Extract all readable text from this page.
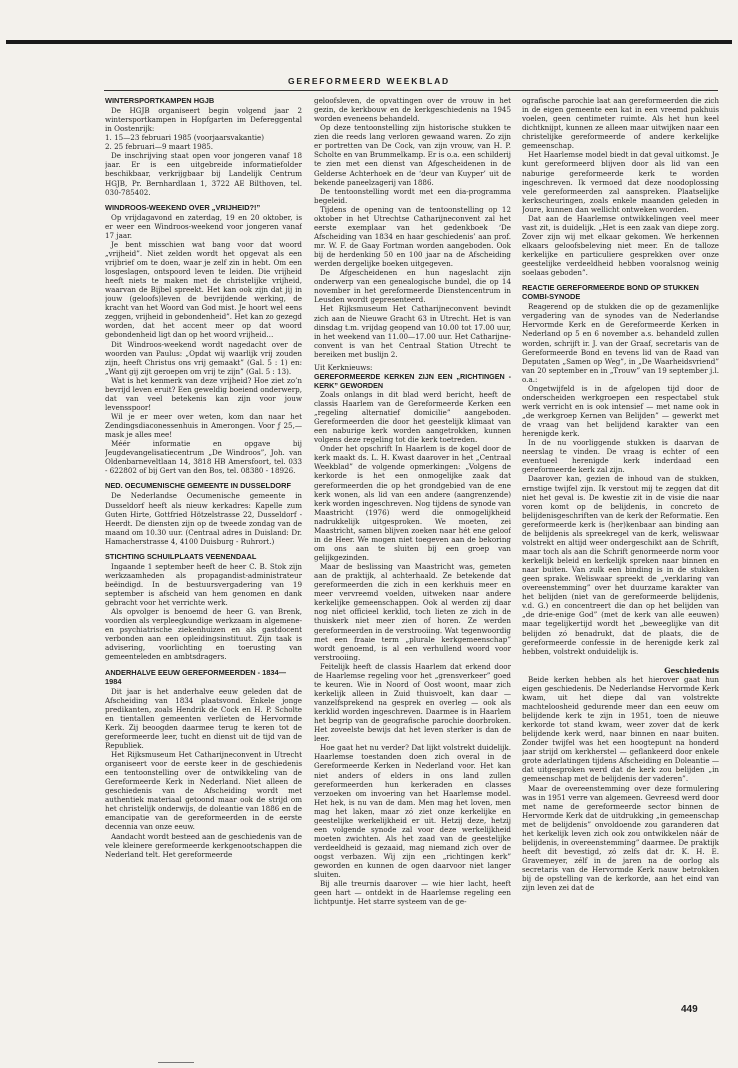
GEREFORMEERD WEEKBLAD
WINTERSPORTKAMPEN HGJB

De HGJB organiseert begin volgend jaar 2 wintersportkampen in Hopfgarten im Defereggental in Oostenrijk:

1. 15—23 februari 1985 (voorjaarsvakantie)
2. 25 februari—9 maart 1985.

De inschrijving staat open voor jongeren vanaf 18 jaar. Er is een uitgebreide informatiefolder beschikbaar, verkrijgbaar bij Landelijk Centrum HGJB, Pr. Bernhardlaan 1, 3722 AE Bilthoven, tel. 030-785402.

WINDROOS-WEEKEND OVER „VRIJHEID?!”

Op vrijdagavond en zaterdag, 19 en 20 oktober, is er weer een Windroos-weekend voor jongeren vanaf 17 jaar.

Je bent misschien wat bang voor dat woord „vrijheid”. Niet zelden wordt het opgevat als een vrijbrief om te doen, waar je zelf zin in hebt. Om een losgeslagen, ontspoord leven te leiden. Die vrijheid heeft niets te maken met de christelijke vrijheid, waarvan de Bijbel spreekt. Het kan ook zijn dat jij in jouw (geloofs)leven de bevrijdende werking, de kracht van het Woord van God mist. Je hoort wel eens zeggen, vrijheid in gebondenheid”. Het kan zo gezegd worden, dat het accent meer op dat woord gebondenheid ligt dan op het woord vrijheid…

Dit Windroos-weekend wordt nagedacht over de woorden van Paulus: „Opdat wij waarlijk vrij zouden zijn, heeft Christus ons vrij gemaakt” (Gal. 5 : 1) en: „Want gij zijt geroepen om vrij te zijn” (Gal. 5 : 13).

Wat is het kenmerk van deze vrijheid? Hoe ziet zo’n bevrijd leven eruit? Een geweldig boeiend onderwerp, dat van veel betekenis kan zijn voor jouw levensspoor!

Wil je er meer over weten, kom dan naar het Zendingsdiaconessenhuis in Amerongen. Voor ƒ 25,— mask je alles mee!

Méér informatie en opgave bij Jeugdevangelisatiecentrum „De Windroos”, Joh. van Oldenbarneveltlaan 14, 3818 HB Amersfoort, tel. 033 - 622802 of bij Gert van den Bos, tel. 08380 - 18926.

NED. OECUMENISCHE GEMEENTE IN DUSSELDORF

De Nederlandse Oecumenische gemeente in Dusseldorf heeft als nieuw kerkadres: Kapelle zum Guten Hirte, Gottfried Hötzelstrasse 22, Dusseldorf - Heerdt. De diensten zijn op de tweede zondag van de maand om 10.30 uur. (Centraal adres in Duisland: Dr. Hamacherstrasse 4, 4100 Duisburg - Ruhrort.)

STICHTING SCHUILPLAATS VEENENDAAL

Ingaande 1 september heeft de heer C. B. Stok zijn werkzaamheden als propagandist-administrateur beëindigd. In de bestuursvergadering van 19 september is afscheid van hem genomen en dank gebracht voor het verrichte werk.

Als opvolger is benoemd de heer G. van Brenk, voordien als verpleegkundige werkzaam in algemene- en psychiatrische ziekenhuizen en als gastdocent verbonden aan een opleidingsinstituut. Zijn taak is advisering, voorlichting en toerusting van gemeenteleden en ambtsdragers.

ANDERHALVE EEUW GEREFORMEERDEN - 1834—1984

Dit jaar is het anderhalve eeuw geleden dat de Afscheiding van 1834 plaatsvond. Enkele jonge predikanten, zoals Hendrik de Cock en H. P. Scholte en tientallen gemeenten verlieten de Hervormde Kerk. Zij beoogden daarmee terug te keren tot de gereformeerde leer, tucht en dienst uit de tijd van de Republiek.

Het Rijksmuseum Het Catharijneconvent in Utrecht organiseert voor de eerste keer in de geschiedenis een tentoonstelling over de ontwikkeling van de Gereformeerde Kerk in Nederland. Niet alleen de geschiedenis van de Afscheiding wordt met authentiek materiaal getoond maar ook de strijd om het christelijk onderwijs, de doleantie van 1886 en de emancipatie van de gereformeerden in de eerste decennia van onze eeuw.

Aandacht wordt besteed aan de geschiedenis van de vele kleinere gereformeerde kerkgenootschappen die Nederland telt. Het gereformeerde

geloofsleven, de opvattingen over de vrouw in het gezin, de kerkbouw en de kerkgeschiedenis na 1945 worden eveneens behandeld.

Op deze tentoonstelling zijn historische stukken te zien die reeds lang verloren gewaand waren. Zo zijn er portretten van De Cock, van zijn vrouw, van H. P. Scholte en van Brummelkamp. Er is o.a. een schilderij te zien met een dienst van Afgescheidenen in de Gelderse Achterhoek en de ‘deur van Kuyper’ uit de bekende paneelzagerij van 1886.

De tentoonstelling wordt met een dia-programma begeleid.

Tijdens de opening van de tentoonstelling op 12 oktober in het Utrechtse Catharijneconvent zal het eerste exemplaar van het gedenkboek ‘De Afscheiding van 1834 en haar geschiedenis’ aan prof. mr. W. F. de Gaay Fortman worden aangeboden. Ook bij de herdenking 50 en 100 jaar na de Afscheiding werden dergelijke boeken uitgegeven.

De Afgescheidenen en hun nageslacht zijn onderwerp van een genealogische bundel, die op 14 november in het gereformeerde Dienstencentrum in Leusden wordt gepresenteerd.

Het Rijksmuseum Het Catharijneconvent bevindt zich aan de Nieuwe Gracht 63 in Utrecht. Het is van dinsdag t.m. vrijdag geopend van 10.00 tot 17.00 uur, in het weekend van 11.00—17.00 uur. Het Catharijne-convent is van het Centraal Station Utrecht te bereiken met buslijn 2.

Uit Kerknieuws:

GEREFORMEERDE KERKEN ZIJN EEN „RICHTINGEN - KERK” GEWORDEN

Zoals onlangs in dit blad werd bericht, heeft de classis Haarlem van de Gereformeerde Kerken een „regeling alternatief domicilie” aangeboden. Gereformeerden die door het geestelijk klimaat van een naburige kerk worden aangetrokken, kunnen volgens deze regeling tot die kerk toetreden.

Onder het opschrift In Haarlem is de kogel door de kerk maakt ds. L. H. Kwast daarover in het „Centraal Weekblad” de volgende opmerkingen: „Volgens de kerkorde is het een onmogelijke zaak dat gereformeerden die op het grondgebied van de ene kerk wonen, als lid van een andere (aangrenzende) kerk worden ingeschreven. Nog tijdens de synode van Maastricht (1976) werd die onmogelijkheid nadrukkelijk uitgesproken. We moeten, zei Maastricht, samen blijven zoeken naar hét ene geloof in de Heer. We mogen niet toegeven aan de bekoring om ons aan te sluiten bij een groep van gelijkgezinden.

Maar de beslissing van Maastricht was, gemeten aan de praktijk, al achterhaald. Ze betekende dat gereformeerden die zich in een kerkhuis meer en meer vervreemd voelden, uitweken naar andere kerkelijke gemeenschappen. Ook al werden zij daar nog niet officieel kerklid, toch lieten ze zich in de thuiskerk niet meer zien of horen. Ze werden gereformeerden in de verstrooiing. Wat tegenwoordig met een fraaie term „plurale kerkgemeenschap” wordt genoemd, is al een verhullend woord voor verstrooiing.

Feitelijk heeft de classis Haarlem dat erkend door de Haarlemse regeling voor het „grensverkeer” goed te keuren. Wie in Noord of Oost woont, maar zich kerkelijk alleen in Zuid thuisvoelt, kan daar — vanzelfsprekend na gesprek en overleg — ook als kerklid worden ingeschreven. Daarmee is in Haarlem het begrip van de geografische parochie doorbroken. Het zoveelste bewijs dat het leven sterker is dan de leer.

Hoe gaat het nu verder? Dat lijkt volstrekt duidelijk. Haarlemse toestanden doen zich overal in de Gereformeerde Kerken in Nederland voor. Het kan niet anders of elders in ons land zullen gereformeerden hun kerkeraden en classes verzoeken om invoering van het Haarlemse model. Het hek, is nu van de dam. Men mag het loven, men mag het laken, maar zó ziet onze kerkelijke en geestelijke werkelijkheid er uit. Hetzij deze, hetzij een volgende synode zal voor deze werkelijkheid moeten zwichten. Als het zaad van de geestelijke verdeeldheid is gezaaid, mag niemand zich over de oogst verbazen. Wij zijn een „richtingen kerk” geworden en kunnen de ogen daarvoor niet langer sluiten.

Bij alle treurnis daarover — wie hier lacht, heeft geen hart — ontdekt in de Haarlemse regeling een lichtpuntje. Het starre systeem van de ge-

ografische parochie laat aan gereformeerden die zich in de eigen gemeente een kat in een vreemd pakhuis voelen, geen centimeter ruimte. Als het hun keel dichtknijpt, kunnen ze alleen maar uitwijken naar een christelijke gereformeerde of andere kerkelijke gemeenschap.

Het Haarlemse model biedt in dat geval uitkomst. Je kunt gereformeerd blijven door als lid van een naburige gereformeerde kerk te worden ingeschreven. Ik vermoed dat deze noodoplossing vele gereformeerden zal aanspreken. Plaatselijke kerkscheuringen, zoals enkele maanden geleden in Joure, kunnen dan wellicht ontweken worden.

Dat aan de Haarlemse ontwikkelingen veel meer vast zit, is duidelijk. „Het is een zaak van diepe zorg. Zover zijn wij met elkaar gekomen. We herkennen elkaars geloofsbeleving niet meer. En de talloze kerkelijke en particuliere gesprekken over onze geestelijke verdeeldheid hebben vooralsnog weinig soelaas geboden”.

REACTIE GEREFORMEERDE BOND OP STUKKEN COMBI-SYNODE

Reagerend op de stukken die op de gezamenlijke vergadering van de synodes van de Nederlandse Hervormde Kerk en de Gereformeerde Kerken in Nederland op 5 en 6 november a.s. behandeld zullen worden, schrijft ir. J. van der Graaf, secretaris van de Gereformeerde Bond en tevens lid van de Raad van Deputaten „Samen op Weg”, in „De Waarheidsvriend” van 20 september en in „Trouw” van 19 september j.l. o.a.:

Ongetwijfeld is in de afgelopen tijd door de onderscheiden werkgroepen een respectabel stuk werk verricht en is ook intensief — met name ook in „de werkgroep Kernen van Belijden” — gewerkt met de vraag van het belijdend karakter van een herenigde kerk.

In de nu voorliggende stukken is daarvan de neerslag te vinden. De vraag is echter of een eventueel herenigde kerk inderdaad een gereformeerde kerk zal zijn.

Daarover kan, gezien de inhoud van de stukken, ernstige twijfel zijn. Ik verstout mij te zeggen dat dit niet het geval is. De kwestie zit in de visie die naar voren komt op de belijdenis, in concreto de belijdenisgeschriften van de kerk der Reformatie. Een gereformeerde kerk is (her)kenbaar aan binding aan de belijdenis als spreekregel van de kerk, weliswaar volstrekt en altijd weer ondergeschikt aan de Schrift, maar toch als aan die Schrift genormeerde norm voor kerkelijk beleid en kerkelijk spreken naar binnen en naar buiten. Van zulk een binding is in de stukken geen sprake. Weliswaar spreekt de „verklaring van overeenstemming” over het duurzame karakter van het belijden (niet van de gereformeerde belijdenis, v.d. G.) en concentreert die dan op het belijden van „de drie-enige God” (met de kerk van alle eeuwen) maar tegelijkertijd wordt het „beweeglijke van dit belijden zó benadrukt, dat de plaats, die de gereformeerde confessie in de herenigde kerk zal hebben, volstrekt onduidelijk is.

Geschiedenis

Beide kerken hebben als het hierover gaat hun eigen geschiedenis. De Nederlandse Hervormde Kerk kwam, uit het diepe dal van volstrekte machteloosheid gedurende meer dan een eeuw om belijdende kerk te zijn in 1951, toen de nieuwe kerkorde tot stand kwam, weer zover dat de kerk belijdende kerk werd, naar binnen en naar buiten. Zonder twijfel was het een hoogtepunt na honderd jaar strijd om kerkherstel — geflankeerd door enkele grote aderlatingen tijdens Afscheiding en Doleantie — dat uitgesproken werd dat de kerk zou belijden „in gemeenschap met de belijdenis der vaderen”.

Maar de overeenstemming over deze formulering was in 1951 verre van algemeen. Gevreesd werd door met name de gereformeerde sector binnen de Hervormde Kerk dat de uitdrukking „in gemeenschap met de belijdenis” onvoldoende zou garanderen dat het kerkelijk leven zich ook zou ontwikkelen náár de belijdenis, in overeenstemming” daarmee. De praktijk heeft dit bevestigd, zó zelfs dat dr. K. H. E. Gravemeyer, zélf in de jaren na de oorlog als secretaris van de Hervormde Kerk nauw betrokken bij de opstelling van de kerkorde, aan het eind van zijn leven zei dat de

449
